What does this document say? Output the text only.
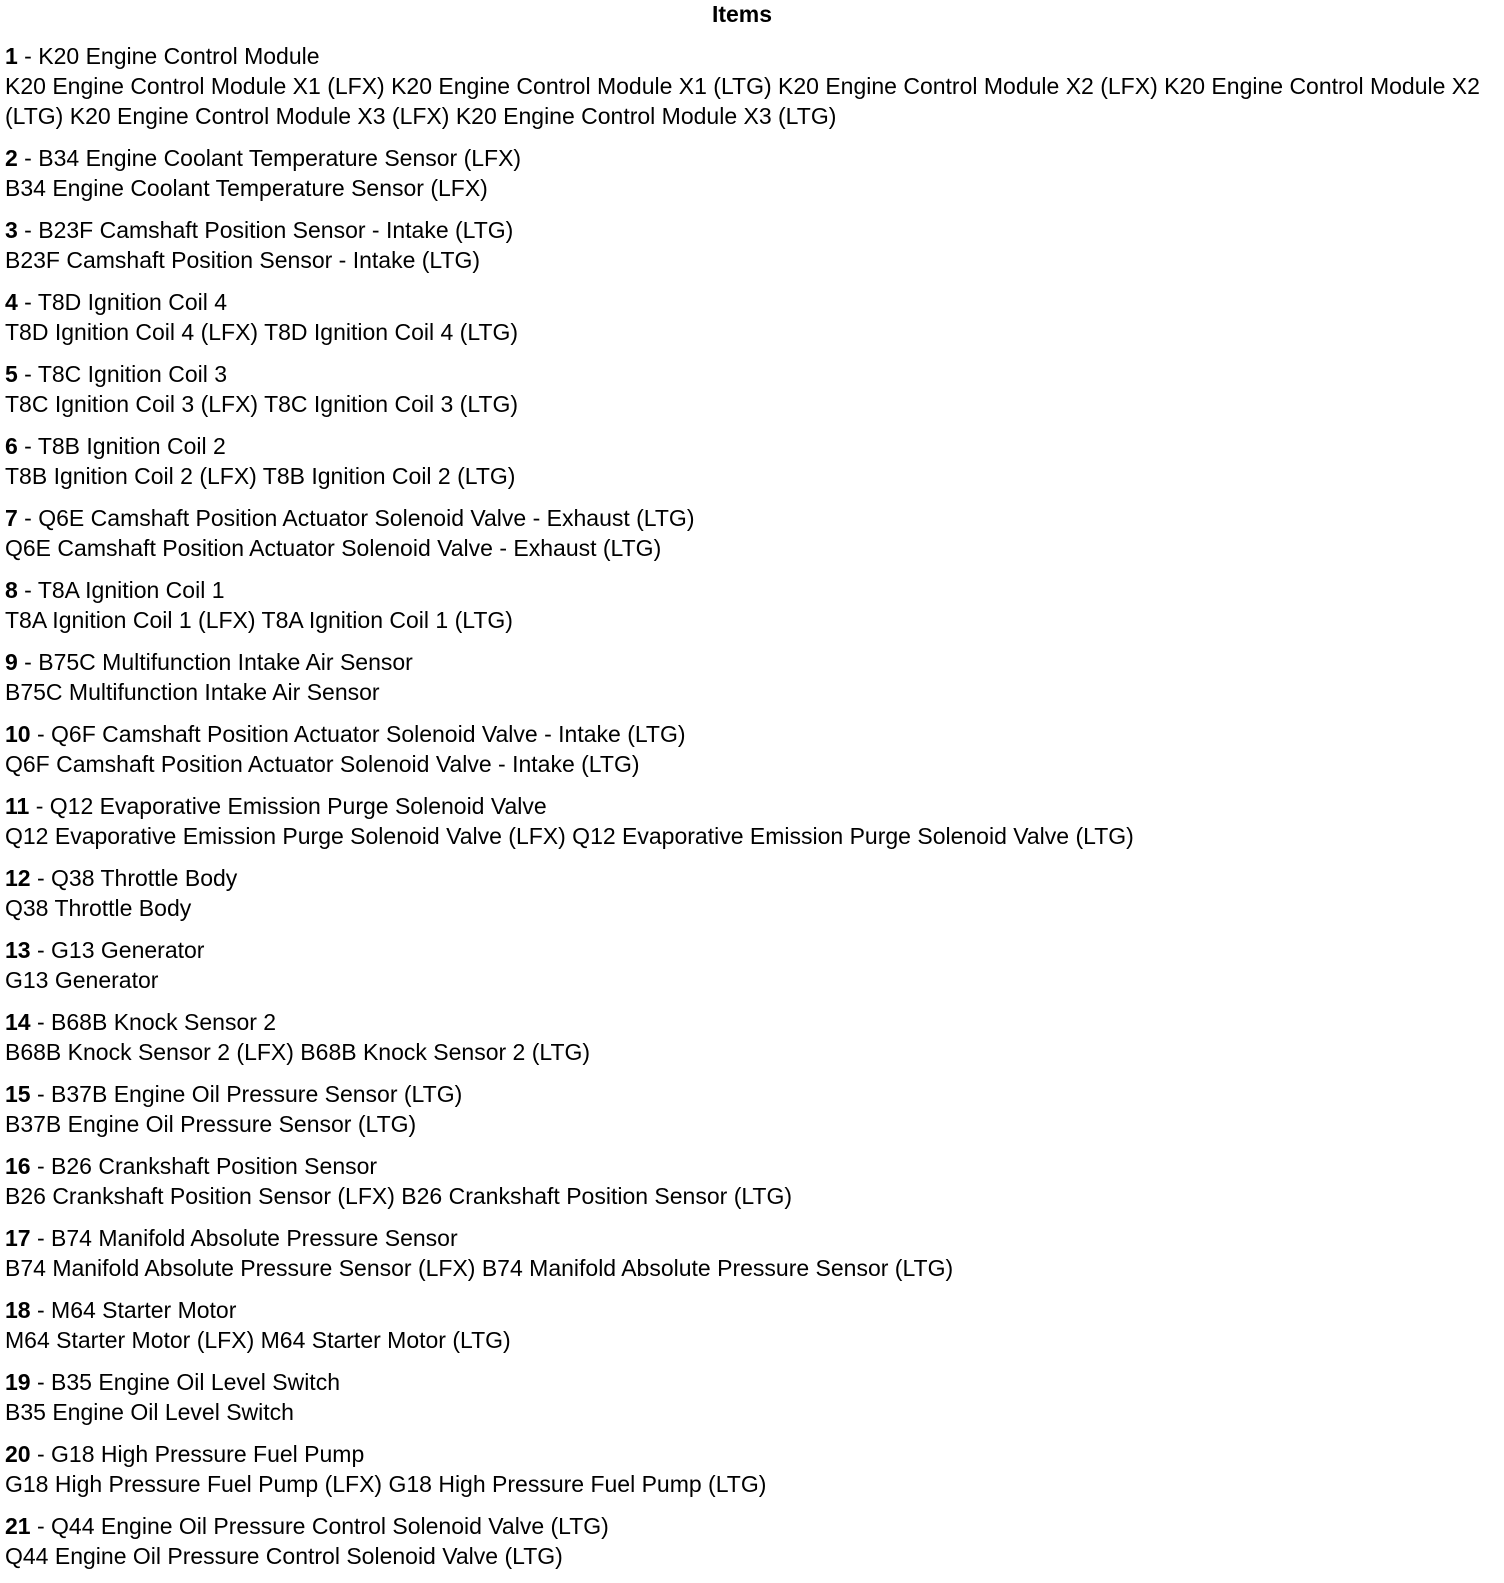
Items
1 - K20 Engine Control Module
K20 Engine Control Module X1 (LFX) K20 Engine Control Module X1 (LTG) K20 Engine Control Module X2 (LFX) K20 Engine Control Module X2 (LTG) K20 Engine Control Module X3 (LFX) K20 Engine Control Module X3 (LTG)
2 - B34 Engine Coolant Temperature Sensor (LFX)
B34 Engine Coolant Temperature Sensor (LFX)
3 - B23F Camshaft Position Sensor - Intake (LTG)
B23F Camshaft Position Sensor - Intake (LTG)
4 - T8D Ignition Coil 4
T8D Ignition Coil 4 (LFX) T8D Ignition Coil 4 (LTG)
5 - T8C Ignition Coil 3
T8C Ignition Coil 3 (LFX) T8C Ignition Coil 3 (LTG)
6 - T8B Ignition Coil 2
T8B Ignition Coil 2 (LFX) T8B Ignition Coil 2 (LTG)
7 - Q6E Camshaft Position Actuator Solenoid Valve - Exhaust (LTG)
Q6E Camshaft Position Actuator Solenoid Valve - Exhaust (LTG)
8 - T8A Ignition Coil 1
T8A Ignition Coil 1 (LFX) T8A Ignition Coil 1 (LTG)
9 - B75C Multifunction Intake Air Sensor
B75C Multifunction Intake Air Sensor
10 - Q6F Camshaft Position Actuator Solenoid Valve - Intake (LTG)
Q6F Camshaft Position Actuator Solenoid Valve - Intake (LTG)
11 - Q12 Evaporative Emission Purge Solenoid Valve
Q12 Evaporative Emission Purge Solenoid Valve (LFX) Q12 Evaporative Emission Purge Solenoid Valve (LTG)
12 - Q38 Throttle Body
Q38 Throttle Body
13 - G13 Generator
G13 Generator
14 - B68B Knock Sensor 2
B68B Knock Sensor 2 (LFX) B68B Knock Sensor 2 (LTG)
15 - B37B Engine Oil Pressure Sensor (LTG)
B37B Engine Oil Pressure Sensor (LTG)
16 - B26 Crankshaft Position Sensor
B26 Crankshaft Position Sensor (LFX) B26 Crankshaft Position Sensor (LTG)
17 - B74 Manifold Absolute Pressure Sensor
B74 Manifold Absolute Pressure Sensor (LFX) B74 Manifold Absolute Pressure Sensor (LTG)
18 - M64 Starter Motor
M64 Starter Motor (LFX) M64 Starter Motor (LTG)
19 - B35 Engine Oil Level Switch
B35 Engine Oil Level Switch
20 - G18 High Pressure Fuel Pump
G18 High Pressure Fuel Pump (LFX) G18 High Pressure Fuel Pump (LTG)
21 - Q44 Engine Oil Pressure Control Solenoid Valve (LTG)
Q44 Engine Oil Pressure Control Solenoid Valve (LTG)
